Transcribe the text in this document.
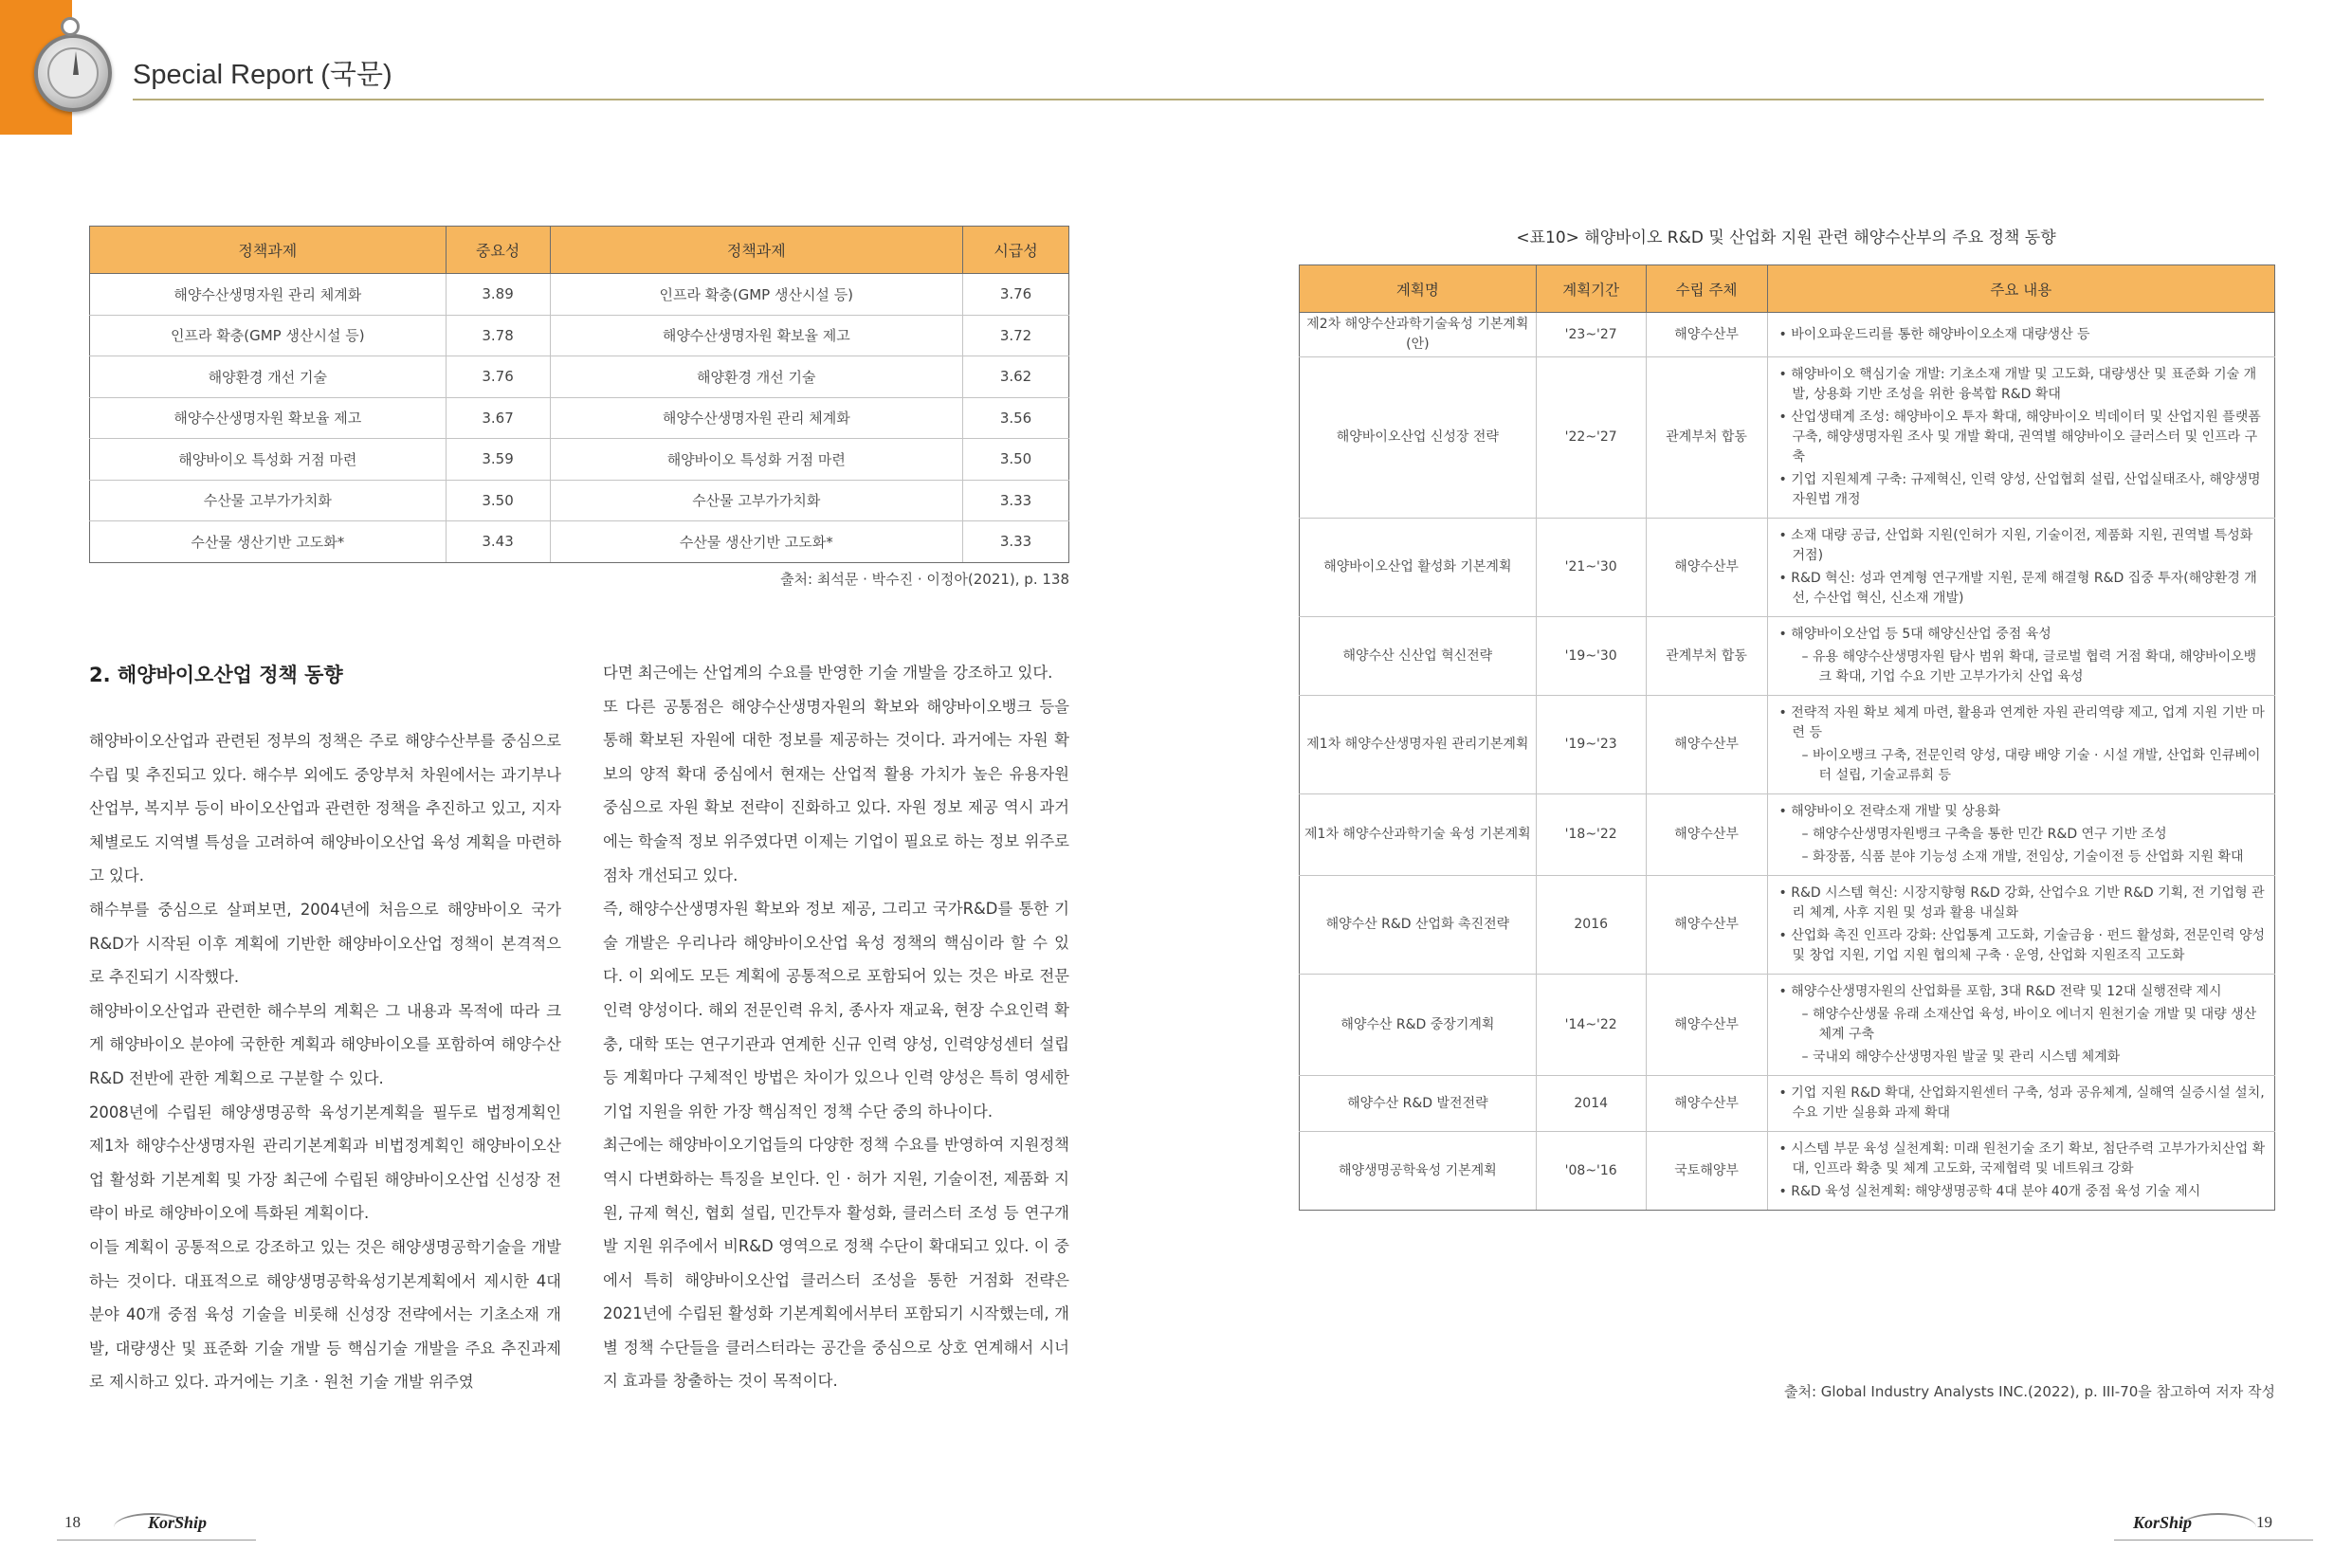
Special Report (국문)
정책과제	중요성	정책과제	시급성
해양수산생명자원 관리 체계화	3.89	인프라 확충(GMP 생산시설 등)	3.76
인프라 확충(GMP 생산시설 등)	3.78	해양수산생명자원 확보율 제고	3.72
해양환경 개선 기술	3.76	해양환경 개선 기술	3.62
해양수산생명자원 확보율 제고	3.67	해양수산생명자원 관리 체계화	3.56
해양바이오 특성화 거점 마련	3.59	해양바이오 특성화 거점 마련	3.50
수산물 고부가가치화	3.50	수산물 고부가가치화	3.33
수산물 생산기반 고도화*	3.43	수산물 생산기반 고도화*	3.33
출처: 최석문 · 박수진 · 이정아(2021), p. 138
2. 해양바이오산업 정책 동향

해양바이오산업과 관련된 정부의 정책은 주로 해양수산부를 중심으로 수립 및 추진되고 있다. 해수부 외에도 중앙부처 차원에서는 과기부나 산업부, 복지부 등이 바이오산업과 관련한 정책을 추진하고 있고, 지자체별로도 지역별 특성을 고려하여 해양바이오산업 육성 계획을 마련하고 있다.

해수부를 중심으로 살펴보면, 2004년에 처음으로 해양바이오 국가 R&D가 시작된 이후 계획에 기반한 해양바이오산업 정책이 본격적으로 추진되기 시작했다.

해양바이오산업과 관련한 해수부의 계획은 그 내용과 목적에 따라 크게 해양바이오 분야에 국한한 계획과 해양바이오를 포함하여 해양수산 R&D 전반에 관한 계획으로 구분할 수 있다.

2008년에 수립된 해양생명공학 육성기본계획을 필두로 법정계획인 제1차 해양수산생명자원 관리기본계획과 비법정계획인 해양바이오산업 활성화 기본계획 및 가장 최근에 수립된 해양바이오산업 신성장 전략이 바로 해양바이오에 특화된 계획이다.

이들 계획이 공통적으로 강조하고 있는 것은 해양생명공학기술을 개발하는 것이다. 대표적으로 해양생명공학육성기본계획에서 제시한 4대 분야 40개 중점 육성 기술을 비롯해 신성장 전략에서는 기초소재 개발, 대량생산 및 표준화 기술 개발 등 핵심기술 개발을 주요 추진과제로 제시하고 있다. 과거에는 기초 · 원천 기술 개발 위주였

다면 최근에는 산업계의 수요를 반영한 기술 개발을 강조하고 있다.

또 다른 공통점은 해양수산생명자원의 확보와 해양바이오뱅크 등을 통해 확보된 자원에 대한 정보를 제공하는 것이다. 과거에는 자원 확보의 양적 확대 중심에서 현재는 산업적 활용 가치가 높은 유용자원 중심으로 자원 확보 전략이 진화하고 있다. 자원 정보 제공 역시 과거에는 학술적 정보 위주였다면 이제는 기업이 필요로 하는 정보 위주로 점차 개선되고 있다.

즉, 해양수산생명자원 확보와 정보 제공, 그리고 국가R&D를 통한 기술 개발은 우리나라 해양바이오산업 육성 정책의 핵심이라 할 수 있다. 이 외에도 모든 계획에 공통적으로 포함되어 있는 것은 바로 전문인력 양성이다. 해외 전문인력 유치, 종사자 재교육, 현장 수요인력 확충, 대학 또는 연구기관과 연계한 신규 인력 양성, 인력양성센터 설립 등 계획마다 구체적인 방법은 차이가 있으나 인력 양성은 특히 영세한 기업 지원을 위한 가장 핵심적인 정책 수단 중의 하나이다.

최근에는 해양바이오기업들의 다양한 정책 수요를 반영하여 지원정책 역시 다변화하는 특징을 보인다. 인 · 허가 지원, 기술이전, 제품화 지원, 규제 혁신, 협회 설립, 민간투자 활성화, 클러스터 조성 등 연구개발 지원 위주에서 비R&D 영역으로 정책 수단이 확대되고 있다. 이 중에서 특히 해양바이오산업 클러스터 조성을 통한 거점화 전략은 2021년에 수립된 활성화 기본계획에서부터 포함되기 시작했는데, 개별 정책 수단들을 클러스터라는 공간을 중심으로 상호 연계해서 시너지 효과를 창출하는 것이 목적이다.

<표10> 해양바이오 R&D 및 산업화 지원 관련 해양수산부의 주요 정책 동향
계획명	계획기간	수립 주체	주요 내용
제2차 해양수산과학기술육성 기본계획(안)	'23~'27	해양수산부	• 바이오파운드리를 통한 해양바이오소재 대량생산 등

해양바이오산업 신성장 전략	'22~'27	관계부처 합동	• 해양바이오 핵심기술 개발: 기초소재 개발 및 고도화, 대량생산 및 표준화 기술 개발, 상용화 기반 조성을 위한 융복합 R&D 확대
• 산업생태계 조성: 해양바이오 투자 확대, 해양바이오 빅데이터 및 산업지원 플랫폼 구축, 해양생명자원 조사 및 개발 확대, 권역별 해양바이오 클러스터 및 인프라 구축
• 기업 지원체계 구축: 규제혁신, 인력 양성, 산업협회 설립, 산업실태조사, 해양생명자원법 개정

해양바이오산업 활성화 기본계획	'21~'30	해양수산부	• 소재 대량 공급, 산업화 지원(인허가 지원, 기술이전, 제품화 지원, 권역별 특성화 거점)
• R&D 혁신: 성과 연계형 연구개발 지원, 문제 해결형 R&D 집중 투자(해양환경 개선, 수산업 혁신, 신소재 개발)

해양수산 신산업 혁신전략	'19~'30	관계부처 합동	• 해양바이오산업 등 5대 해양신산업 중점 육성
– 유용 해양수산생명자원 탐사 범위 확대, 글로벌 협력 거점 확대, 해양바이오뱅크 확대, 기업 수요 기반 고부가가치 산업 육성

제1차 해양수산생명자원 관리기본계획	'19~'23	해양수산부	• 전략적 자원 확보 체계 마련, 활용과 연계한 자원 관리역량 제고, 업계 지원 기반 마련 등
– 바이오뱅크 구축, 전문인력 양성, 대량 배양 기술 · 시설 개발, 산업화 인큐베이터 설립, 기술교류회 등

제1차 해양수산과학기술 육성 기본계획	'18~'22	해양수산부	• 해양바이오 전략소재 개발 및 상용화
– 해양수산생명자원뱅크 구축을 통한 민간 R&D 연구 기반 조성
– 화장품, 식품 분야 기능성 소재 개발, 전임상, 기술이전 등 산업화 지원 확대

해양수산 R&D 산업화 촉진전략	2016	해양수산부	• R&D 시스템 혁신: 시장지향형 R&D 강화, 산업수요 기반 R&D 기획, 전 기업형 관리 체계, 사후 지원 및 성과 활용 내실화
• 산업화 촉진 인프라 강화: 산업통계 고도화, 기술금융 · 펀드 활성화, 전문인력 양성 및 창업 지원, 기업 지원 협의체 구축 · 운영, 산업화 지원조직 고도화

해양수산 R&D 중장기계획	'14~'22	해양수산부	• 해양수산생명자원의 산업화를 포함, 3대 R&D 전략 및 12대 실행전략 제시
– 해양수산생물 유래 소재산업 육성, 바이오 에너지 원천기술 개발 및 대량 생산체계 구축
– 국내외 해양수산생명자원 발굴 및 관리 시스템 체계화

해양수산 R&D 발전전략	2014	해양수산부	• 기업 지원 R&D 확대, 산업화지원센터 구축, 성과 공유체계, 실해역 실증시설 설치, 수요 기반 실용화 과제 확대

해양생명공학육성 기본계획	'08~'16	국토해양부	• 시스템 부문 육성 실천계획: 미래 원천기술 조기 확보, 첨단주력 고부가가치산업 확대, 인프라 확충 및 체계 고도화, 국제협력 및 네트워크 강화
• R&D 육성 실천계획: 해양생명공학 4대 분야 40개 중점 육성 기술 제시
출처: Global Industry Analysts INC.(2022), p. III-70을 참고하여 저자 작성
18	KorShip	KorShip	19
